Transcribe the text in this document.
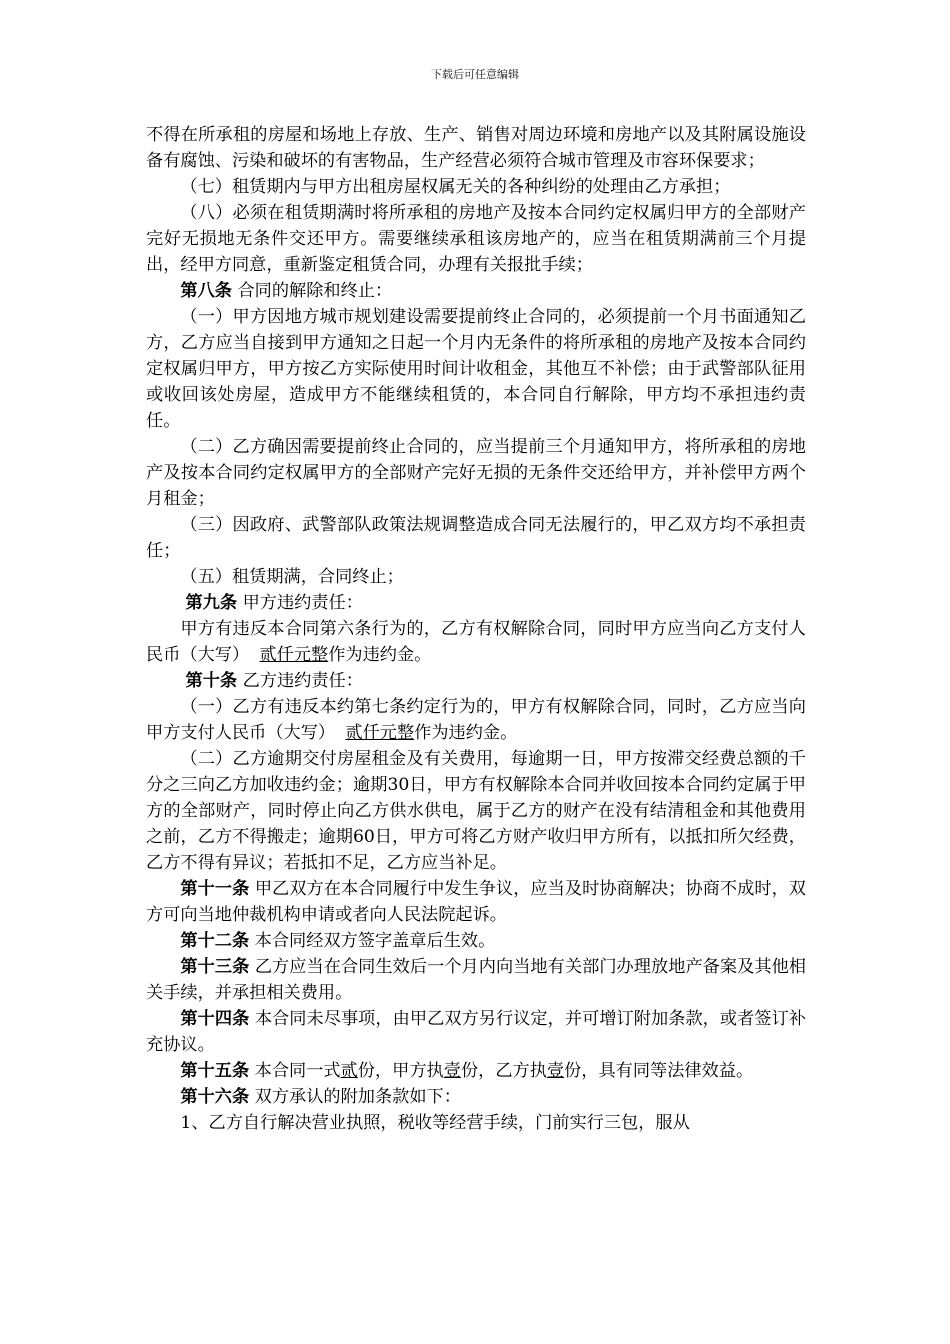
下载后可任意编辑

不得在所承租的房屋和场地上存放、生产、销售对周边环境和房地产以及其附属设施设备有腐蚀、污染和破坏的有害物品，生产经营必须符合城市管理及市容环保要求；

（七）租赁期内与甲方出租房屋权属无关的各种纠纷的处理由乙方承担；

（八）必须在租赁期满时将所承租的房地产及按本合同约定权属归甲方的全部财产完好无损地无条件交还甲方。需要继续承租该房地产的，应当在租赁期满前三个月提出，经甲方同意，重新鉴定租赁合同，办理有关报批手续；

第八条 合同的解除和终止：

（一）甲方因地方城市规划建设需要提前终止合同的，必须提前一个月书面通知乙方，乙方应当自接到甲方通知之日起一个月内无条件的将所承租的房地产及按本合同约定权属归甲方，甲方按乙方实际使用时间计收租金，其他互不补偿；由于武警部队征用或收回该处房屋，造成甲方不能继续租赁的，本合同自行解除，甲方均不承担违约责任。

（二）乙方确因需要提前终止合同的，应当提前三个月通知甲方，将所承租的房地产及按本合同约定权属甲方的全部财产完好无损的无条件交还给甲方，并补偿甲方两个月租金；

（三）因政府、武警部队政策法规调整造成合同无法履行的，甲乙双方均不承担责任；

（五）租赁期满，合同终止；

第九条 甲方违约责任：

甲方有违反本合同第六条行为的，乙方有权解除合同，同时甲方应当向乙方支付人民币（大写） 贰仟元整作为违约金。

第十条 乙方违约责任：

（一）乙方有违反本约第七条约定行为的，甲方有权解除合同，同时，乙方应当向甲方支付人民币（大写） 贰仟元整作为违约金。

（二）乙方逾期交付房屋租金及有关费用，每逾期一日，甲方按滞交经费总额的千分之三向乙方加收违约金；逾期30日，甲方有权解除本合同并收回按本合同约定属于甲方的全部财产，同时停止向乙方供水供电，属于乙方的财产在没有结清租金和其他费用之前，乙方不得搬走；逾期60日，甲方可将乙方财产收归甲方所有，以抵扣所欠经费，乙方不得有异议；若抵扣不足，乙方应当补足。

第十一条 甲乙双方在本合同履行中发生争议，应当及时协商解决；协商不成时，双方可向当地仲裁机构申请或者向人民法院起诉。

第十二条 本合同经双方签字盖章后生效。

第十三条 乙方应当在合同生效后一个月内向当地有关部门办理放地产备案及其他相关手续，并承担相关费用。

第十四条 本合同未尽事项，由甲乙双方另行议定，并可增订附加条款，或者签订补充协议。

第十五条 本合同一式贰份，甲方执壹份，乙方执壹份，具有同等法律效益。

第十六条 双方承认的附加条款如下：

1、乙方自行解决营业执照，税收等经营手续，门前实行三包，服从
